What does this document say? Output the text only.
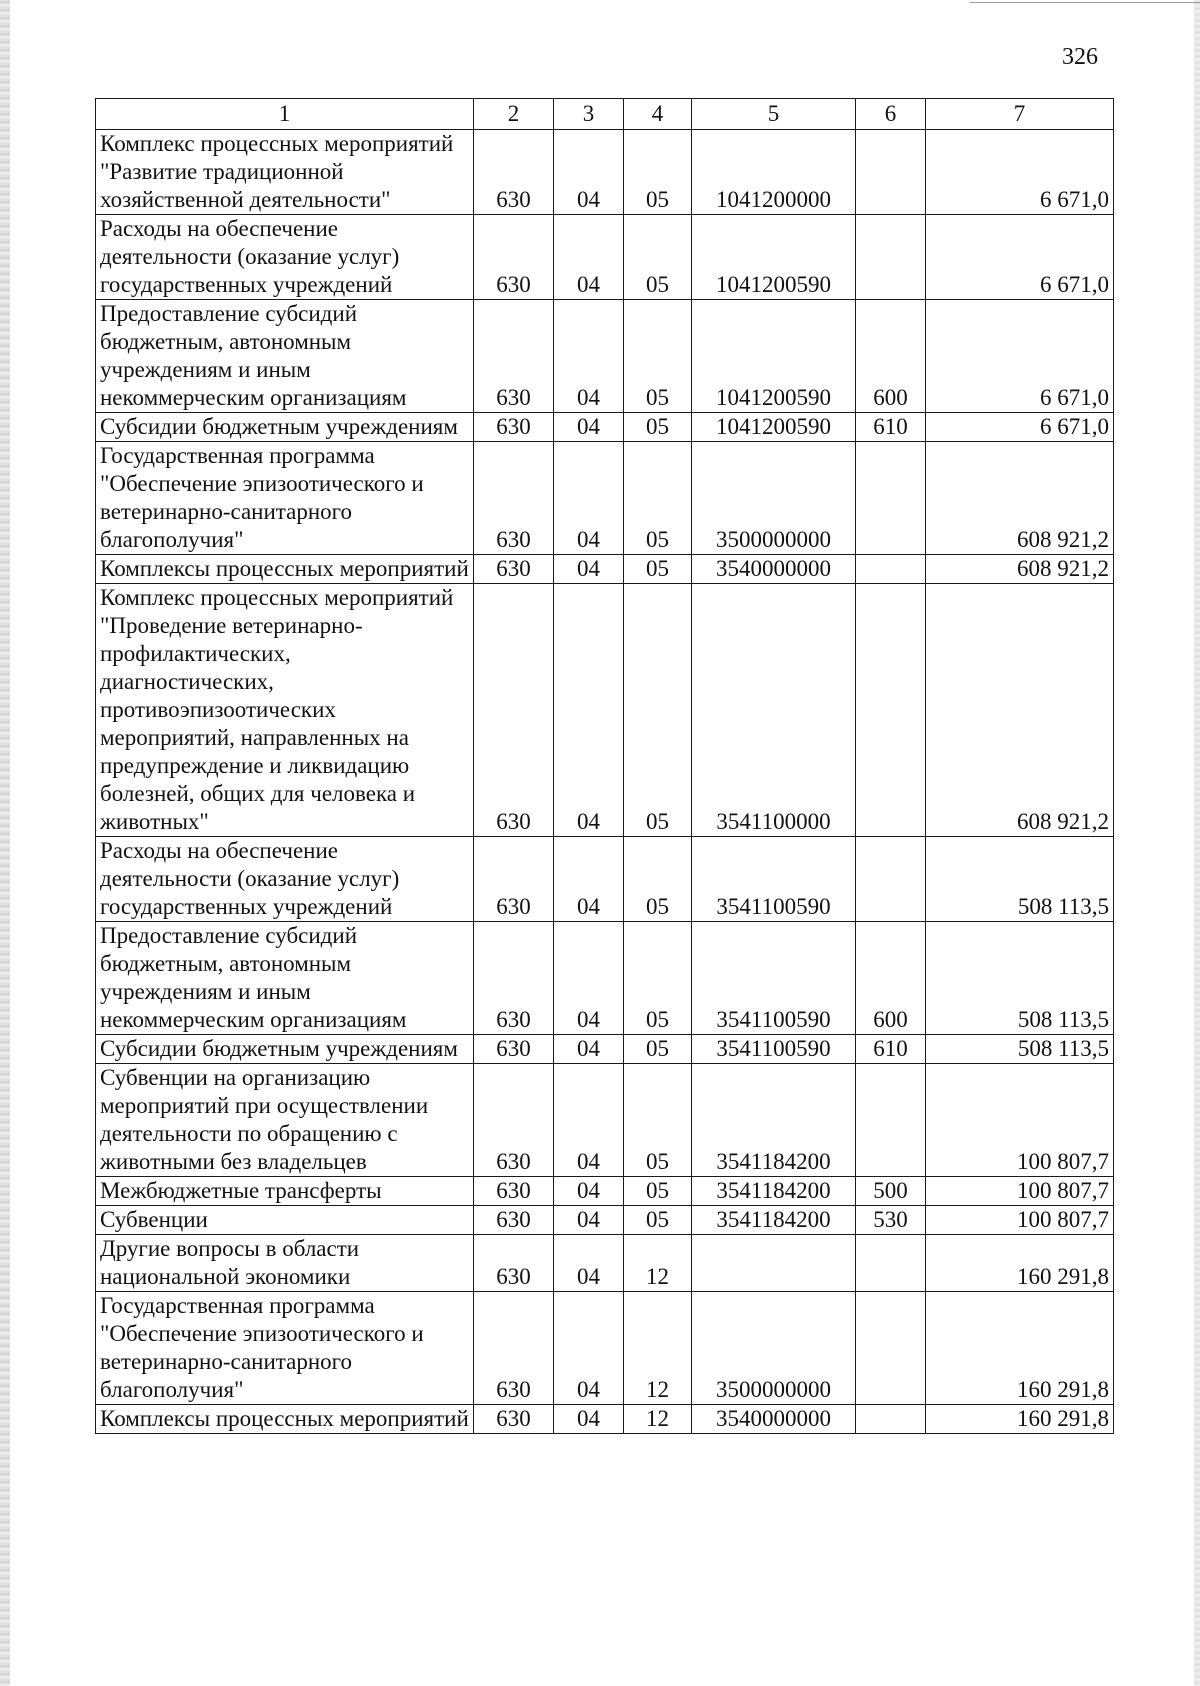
326
1	2	3	4	5	6	7
Комплекс процессных мероприятий "Развитие традиционной хозяйственной деятельности"	630	04	05	1041200000		6 671,0
Расходы на обеспечение деятельности (оказание услуг) государственных учреждений	630	04	05	1041200590		6 671,0
Предоставление субсидий бюджетным, автономным учреждениям и иным некоммерческим организациям	630	04	05	1041200590	600	6 671,0
Субсидии бюджетным учреждениям	630	04	05	1041200590	610	6 671,0
Государственная программа "Обеспечение эпизоотического и ветеринарно-санитарного благополучия"	630	04	05	3500000000		608 921,2
Комплексы процессных мероприятий	630	04	05	3540000000		608 921,2
Комплекс процессных мероприятий "Проведение ветеринарно-профилактических, диагностических, противоэпизоотических мероприятий, направленных на предупреждение и ликвидацию болезней, общих для человека и животных"	630	04	05	3541100000		608 921,2
Расходы на обеспечение деятельности (оказание услуг) государственных учреждений	630	04	05	3541100590		508 113,5
Предоставление субсидий бюджетным, автономным учреждениям и иным некоммерческим организациям	630	04	05	3541100590	600	508 113,5
Субсидии бюджетным учреждениям	630	04	05	3541100590	610	508 113,5
Субвенции на организацию мероприятий при осуществлении деятельности по обращению с животными без владельцев	630	04	05	3541184200		100 807,7
Межбюджетные трансферты	630	04	05	3541184200	500	100 807,7
Субвенции	630	04	05	3541184200	530	100 807,7
Другие вопросы в области национальной экономики	630	04	12			160 291,8
Государственная программа "Обеспечение эпизоотического и ветеринарно-санитарного благополучия"	630	04	12	3500000000		160 291,8
Комплексы процессных мероприятий	630	04	12	3540000000		160 291,8
